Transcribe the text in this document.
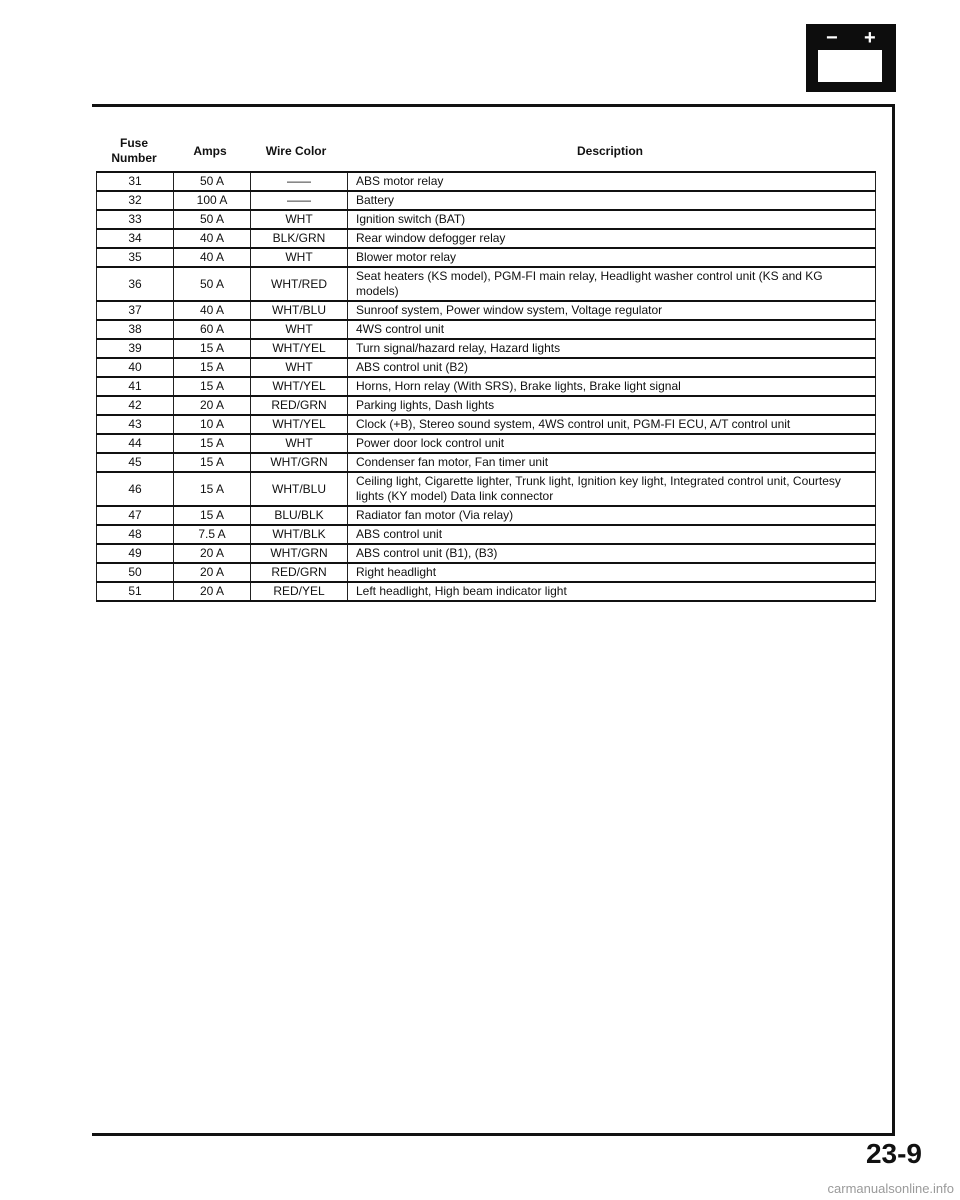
− +
Fuse
Number	Amps	Wire Color	Description
31	50 A	——	ABS motor relay
32	100 A	——	Battery
33	50 A	WHT	Ignition switch (BAT)
34	40 A	BLK/GRN	Rear window defogger relay
35	40 A	WHT	Blower motor relay
36	50 A	WHT/RED	Seat heaters (KS model), PGM-FI main relay, Headlight washer control unit (KS and KG models)
37	40 A	WHT/BLU	Sunroof system, Power window system, Voltage regulator
38	60 A	WHT	4WS control unit
39	15 A	WHT/YEL	Turn signal/hazard relay, Hazard lights
40	15 A	WHT	ABS control unit (B2)
41	15 A	WHT/YEL	Horns, Horn relay (With SRS), Brake lights, Brake light signal
42	20 A	RED/GRN	Parking lights, Dash lights
43	10 A	WHT/YEL	Clock (+B), Stereo sound system, 4WS control unit, PGM-FI ECU, A/T control unit
44	15 A	WHT	Power door lock control unit
45	15 A	WHT/GRN	Condenser fan motor, Fan timer unit
46	15 A	WHT/BLU	Ceiling light, Cigarette lighter, Trunk light, Ignition key light, Integrated control unit, Courtesy lights (KY model) Data link connector
47	15 A	BLU/BLK	Radiator fan motor (Via relay)
48	7.5 A	WHT/BLK	ABS control unit
49	20 A	WHT/GRN	ABS control unit (B1), (B3)
50	20 A	RED/GRN	Right headlight
51	20 A	RED/YEL	Left headlight, High beam indicator light
23-9
carmanualsonline.info
